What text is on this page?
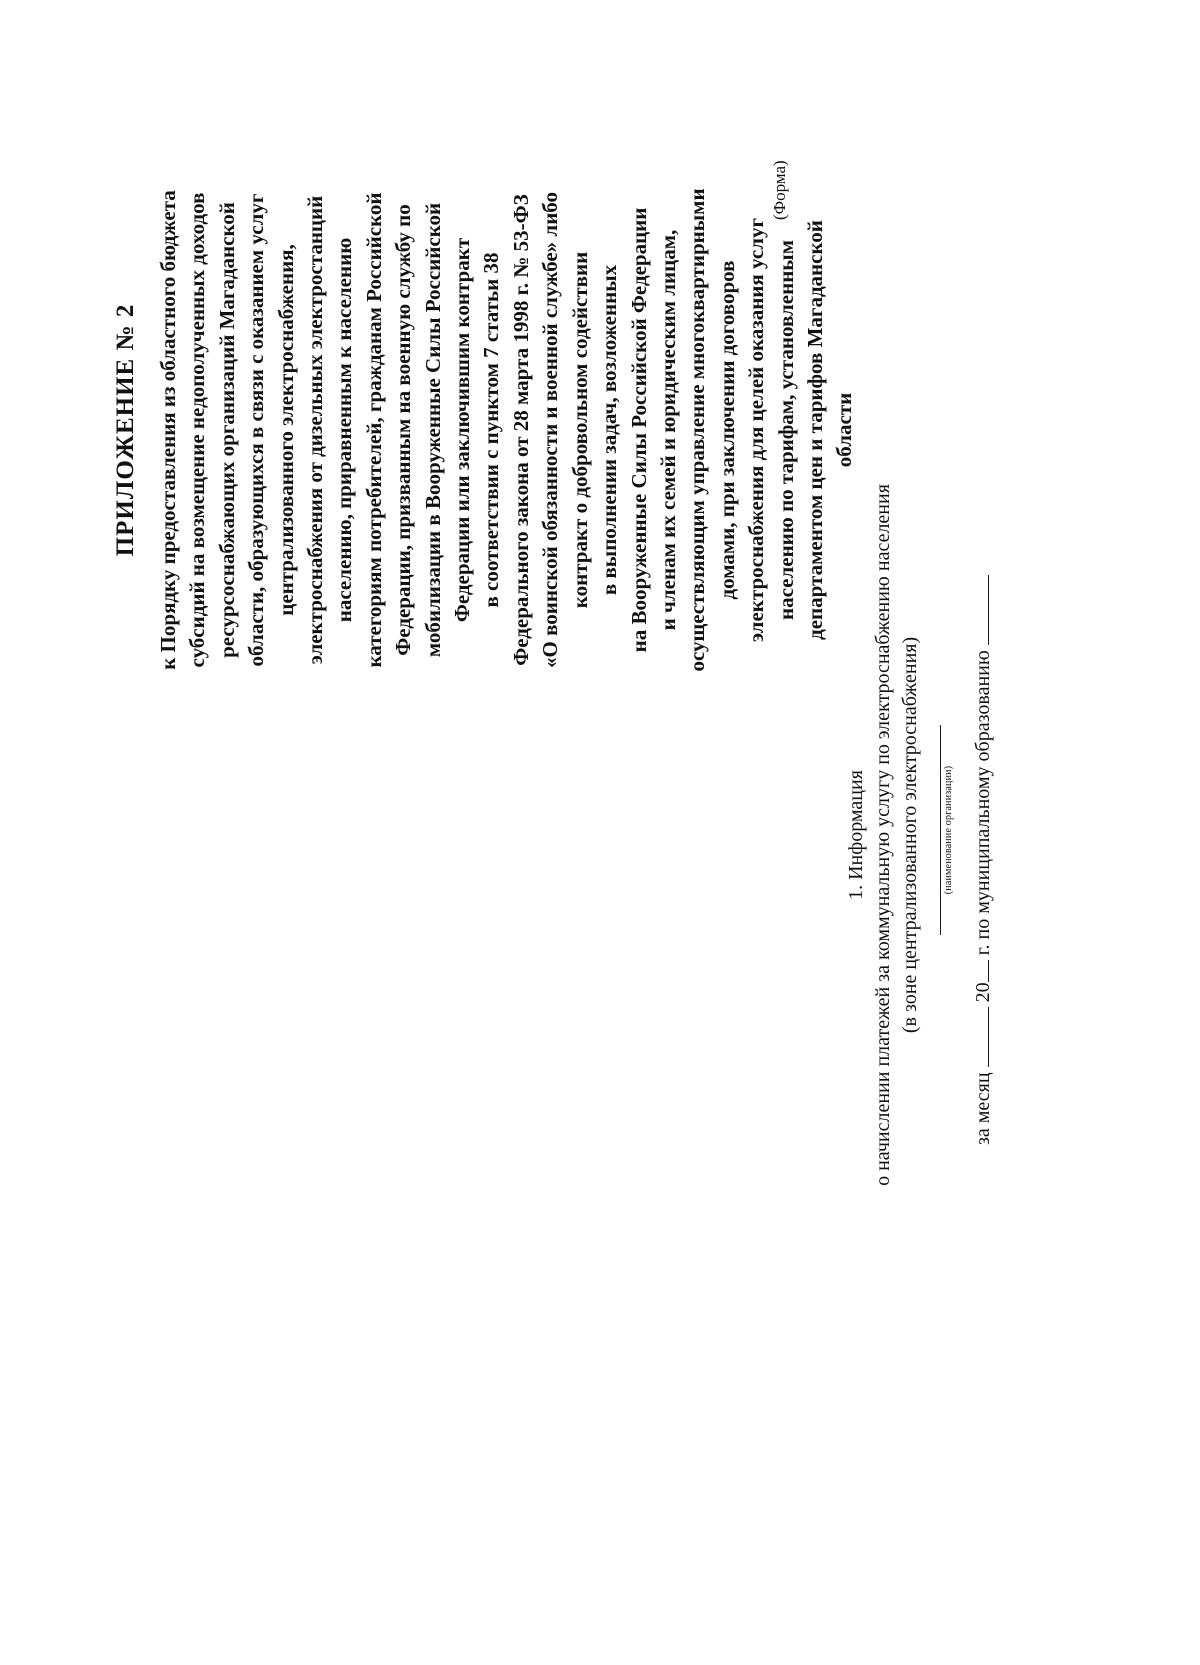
ПРИЛОЖЕНИЕ № 2 к Порядку предоставления из областного бюджета субсидий на возмещение недополученных доходов ресурсоснабжающих организаций Магаданской области, образующихся в связи с оказанием услуг централизованного электроснабжения, электроснабжения от дизельных электростанций населению, приравненным к населению категориям потребителей, гражданам Российской Федерации, призванным на военную службу по мобилизации в Вооруженные Силы Российской Федерации или заключившим контракт в соответствии с пунктом 7 статьи 38 Федерального закона от 28 марта 1998 г. № 53-ФЗ «О воинской обязанности и военной службе» либо контракт о добровольном содействии в выполнении задач, возложенных на Вооруженные Силы Российской Федерации и членам их семей и юридическим лицам, осуществляющим управление многоквартирными домами, при заключении договоров электроснабжения для целей оказания услуг населению по тарифам, установленным департаментом цен и тарифов Магаданской области
(Форма)
1. Информация о начислении платежей за коммунальную услугу по электроснабжению населения (в зоне централизованного электроснабжения) (наименование организации)
за месяц  20 г. по муниципальному образованию
